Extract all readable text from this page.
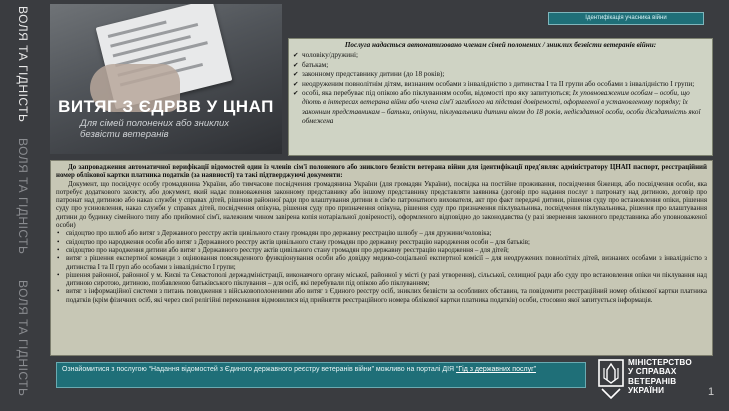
ВОЛЯ ТА ГІДНІСТЬ
ВОЛЯ ТА ГІДНІСТЬ
ВОЛЯ ТА ГІДНІСТЬ
ВИТЯГ З ЄДРВВ У ЦНАП
Для сімей полонених або зниклих безвісти ветеранів
Ідентифікація учасника війни
Послуга надається автоматизовано членам сімей полонених / зниклих безвісти ветеранів війни:
✔ чоловіку/дружині;
✔ батькам;
✔ законному представнику дитини (до 18 років);
✔ неодруженим повнолітнім дітям, визнаним особами з інвалідністю з дитинства I та II групи або особами з інвалідністю I групи;
✔ особі, яка перебуває під опікою або піклуванням особи, відомості про яку запитуються; Іх уповноваженим особам – особи, що діють в інтересах ветерана війни або члена сім'ї загиблого на підставі довіреності, оформленої в установленому порядку; їх законним представникам – батьки, опікуни, піклувальники дитини віком до 18 років, недієздатної особи, особи дієздатність якої обмежена

До запровадження автоматичної верифікації відомостей один із членів сім'ї полоненого або зниклого безвісти ветерана війни для ідентифікації пред'являє адміністратору ЦНАП паспорт, реєстраційний номер облікової картки платника податків (за наявності) та такі підтверджуючі документи:

Документ, що посвідчує особу громадянина України, або тимчасове посвідчення громадянина України (для громадян України), посвідка на постійне проживання, посвідчення біженця, або посвідчення особи, яка потребує додаткового захисту, або документ, який надає повноваження законному представнику або іншому представнику представляти заявника (договір про надання послуг з патронату над дитиною, договір про патронат над дитиною або наказ служби у справах дітей, рішення районної ради про влаштування дитини в сім'ю патронатного вихователя, акт про факт передачі дитини, рішення суду про встановлення опіки, рішення суду про усиновлення, наказ служби у справах дітей, посвідчення опікуна, рішення суду про призначення опікуна, рішення суду про призначення піклувальника, посвідчення піклувальника, рішення про влаштування дитини до будинку сімейного типу або прийомної сім'ї, належним чином завірена копія нотаріальної довіреності), оформленого відповідно до законодавства (у разі звернення законного представника або уповноваженої особи)

• свідоцтво про шлюб або витяг з Державного реєстру актів цивільного стану громадян про державну реєстрацію шлюбу – для дружини/чоловіка;
• свідоцтво про народження особи або витяг з Державного реєстру актів цивільного стану громадян про державну реєстрацію народження особи – для батьків;
• свідоцтво про народження дитини або витяг з Державного реєстру актів цивільного стану громадян про державну реєстрацію народження – для дітей;
• витяг з рішення експертної команди з оцінювання повсякденного функціонування особи або довідку медико-соціальної експертної комісії – для неодружених повнолітніх дітей, визнаних особами з інвалідністю з дитинства I та II груп або особами з інвалідністю I групи;
• рішення районної, районної у м. Києві та Севастополі держадміністрації, виконавчого органу міської, районної у місті (у разі утворення), сільської, селищної ради або суду про встановлення опіки чи піклування над дитиною сиротою, дитиною, позбавленою батьківського піклування – для осіб, які перебували під опікою або піклуванням;
• витяг з інформаційної системи з питань поводження з військовополоненими або витяг з Єдиного реєстру осіб, зниклих безвісти за особливих обставин, та повідомити реєстраційний номер облікової картки платника податків (крім фізичних осіб, які через свої релігійні переконання відмовилися від прийняття реєстраційного номера облікової картки платника податків) особи, стосовно якої запитується інформація.
Ознайомитися з послугою “Надання відомостей з Єдиного державного реєстру ветеранів війни” можливо на порталі ДІЯ “Гід з державних послуг”
МІНІСТЕРСТВО
У СПРАВАХ
ВЕТЕРАНІВ
УКРАЇНИ	1
